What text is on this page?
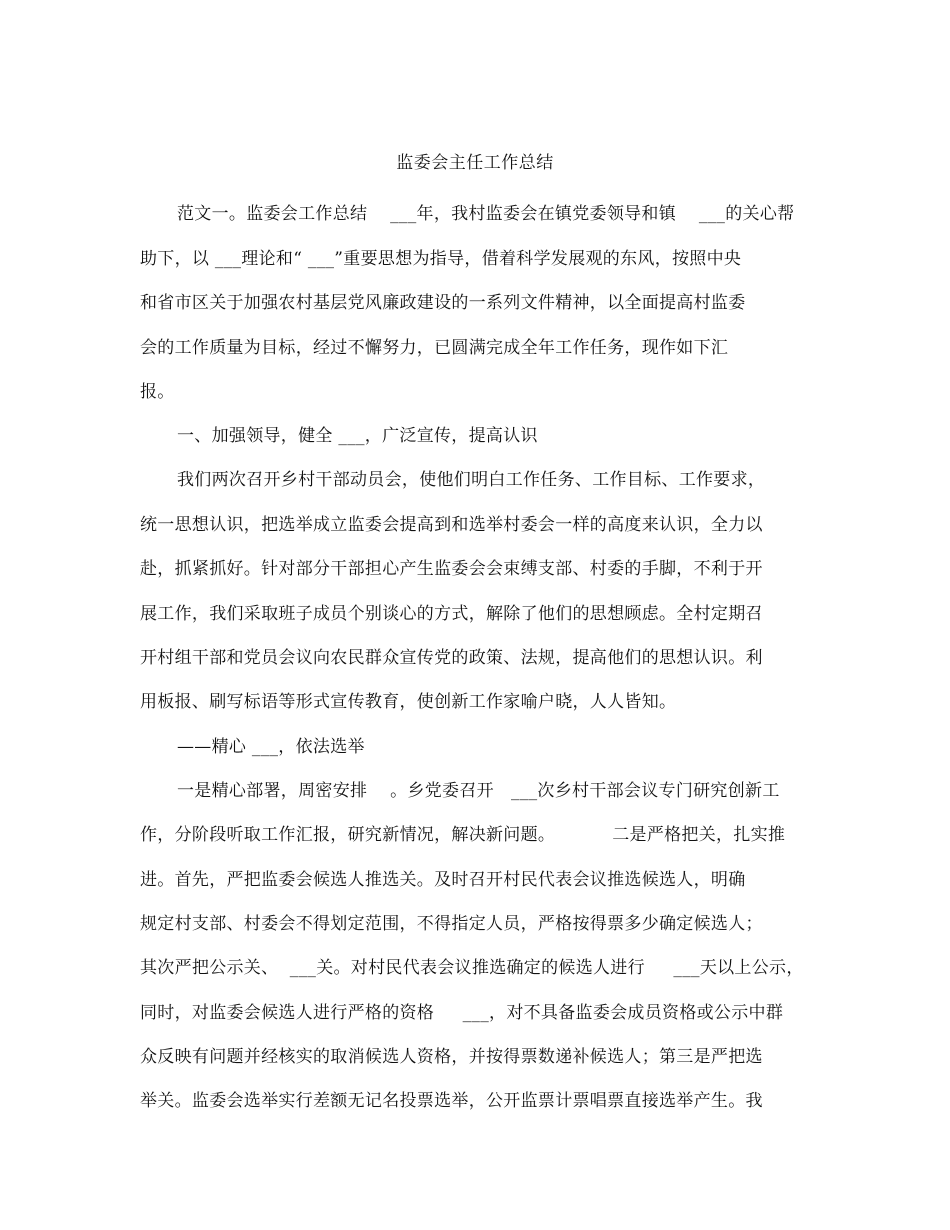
监委会主任工作总结
范文一。监委会工作总结    ___年，我村监委会在镇党委领导和镇    ___的关心帮
助下，以 ___理论和“ ___”重要思想为指导，借着科学发展观的东风，按照中央
和省市区关于加强农村基层党风廉政建设的一系列文件精神，以全面提高村监委
会的工作质量为目标，经过不懈努力，已圆满完成全年工作任务，现作如下汇
报。
一、加强领导，健全 ___，广泛宣传，提高认识
我们两次召开乡村干部动员会，使他们明白工作任务、工作目标、工作要求，
统一思想认识，把选举成立监委会提高到和选举村委会一样的高度来认识，全力以
赴，抓紧抓好。针对部分干部担心产生监委会会束缚支部、村委的手脚，不利于开
展工作，我们采取班子成员个别谈心的方式，解除了他们的思想顾虑。全村定期召
开村组干部和党员会议向农民群众宣传党的政策、法规，提高他们的思想认识。利
用板报、刷写标语等形式宣传教育，使创新工作家喻户晓，人人皆知。
——精心 ___，依法选举
一是精心部署，周密安排    。乡党委召开   ___次乡村干部会议专门研究创新工
作，分阶段听取工作汇报，研究新情况，解决新问题。          二是严格把关，扎实推
进。首先，严把监委会候选人推选关。及时召开村民代表会议推选候选人，明确
规定村支部、村委会不得划定范围，不得指定人员，严格按得票多少确定候选人；
其次严把公示关、  ___关。对村民代表会议推选确定的候选人进行     ___天以上公示，
同时，对监委会候选人进行严格的资格     ___，对不具备监委会成员资格或公示中群
众反映有问题并经核实的取消候选人资格，并按得票数递补候选人；第三是严把选
举关。监委会选举实行差额无记名投票选举，公开监票计票唱票直接选举产生。我
